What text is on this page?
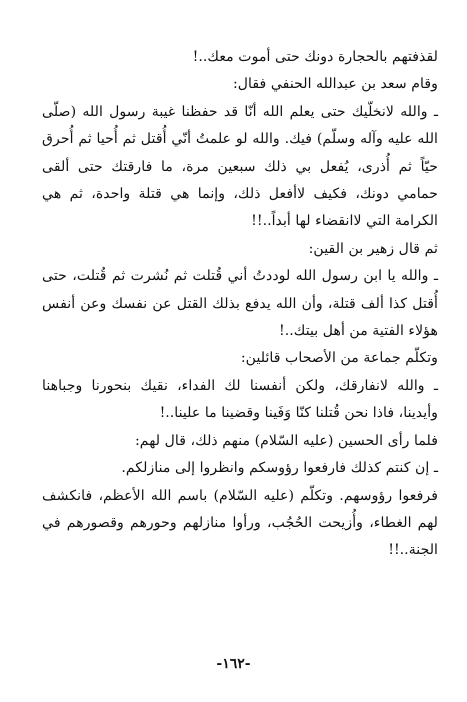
لقذفتهم بالحجارة دونك حتى أموت معك..!

وقام سعد بن عبدالله الحنفي فقال:

ـ والله لانخلّيك حتى يعلم الله أنّا قد حفظنا غيبة رسول الله (صلّى الله عليه وآله وسلّم) فيك. والله لو علمتُ أنّي أُقتل ثم أُحيا ثم أُحرق حيّاً ثم أُذرى، يُفعل بي ذلك سبعين مرة، ما فارقتك حتى ألقى حمامي دونك، فكيف لاأفعل ذلك، وإنما هي قتلة واحدة، ثم هي الكرامة التي لاانقضاء لها أبداً..!!

ثم قال زهير بن القين:

ـ والله يا ابن رسول الله لوددتُ أني قُتلت ثم نُشرت ثم قُتلت، حتى أُقتل كذا ألف قتلة، وأن الله يدفع بذلك القتل عن نفسك وعن أنفس هؤلاء الفتية من أهل بيتك..!

وتكلّم جماعة من الأصحاب قائلين:

ـ والله لانفارقك، ولكن أنفسنا لك الفداء، نقيك بنحورنا وجباهنا وأيدينا، فاذا نحن قُتلنا كنّا وَفَينا وقضينا ما علينا..!

فلما رأى الحسين (عليه السّلام) منهم ذلك، قال لهم:

ـ إن كنتم كذلك فارفعوا رؤوسكم وانظروا إلى منازلكم.

فرفعوا رؤوسهم. وتكلّم (عليه السّلام) باسم الله الأعظم، فانكشف لهم الغطاء، وأُزيحت الحُجُب، ورأوا منازلهم وحورهم وقصورهم في الجنة..!!

-١٦٢-
